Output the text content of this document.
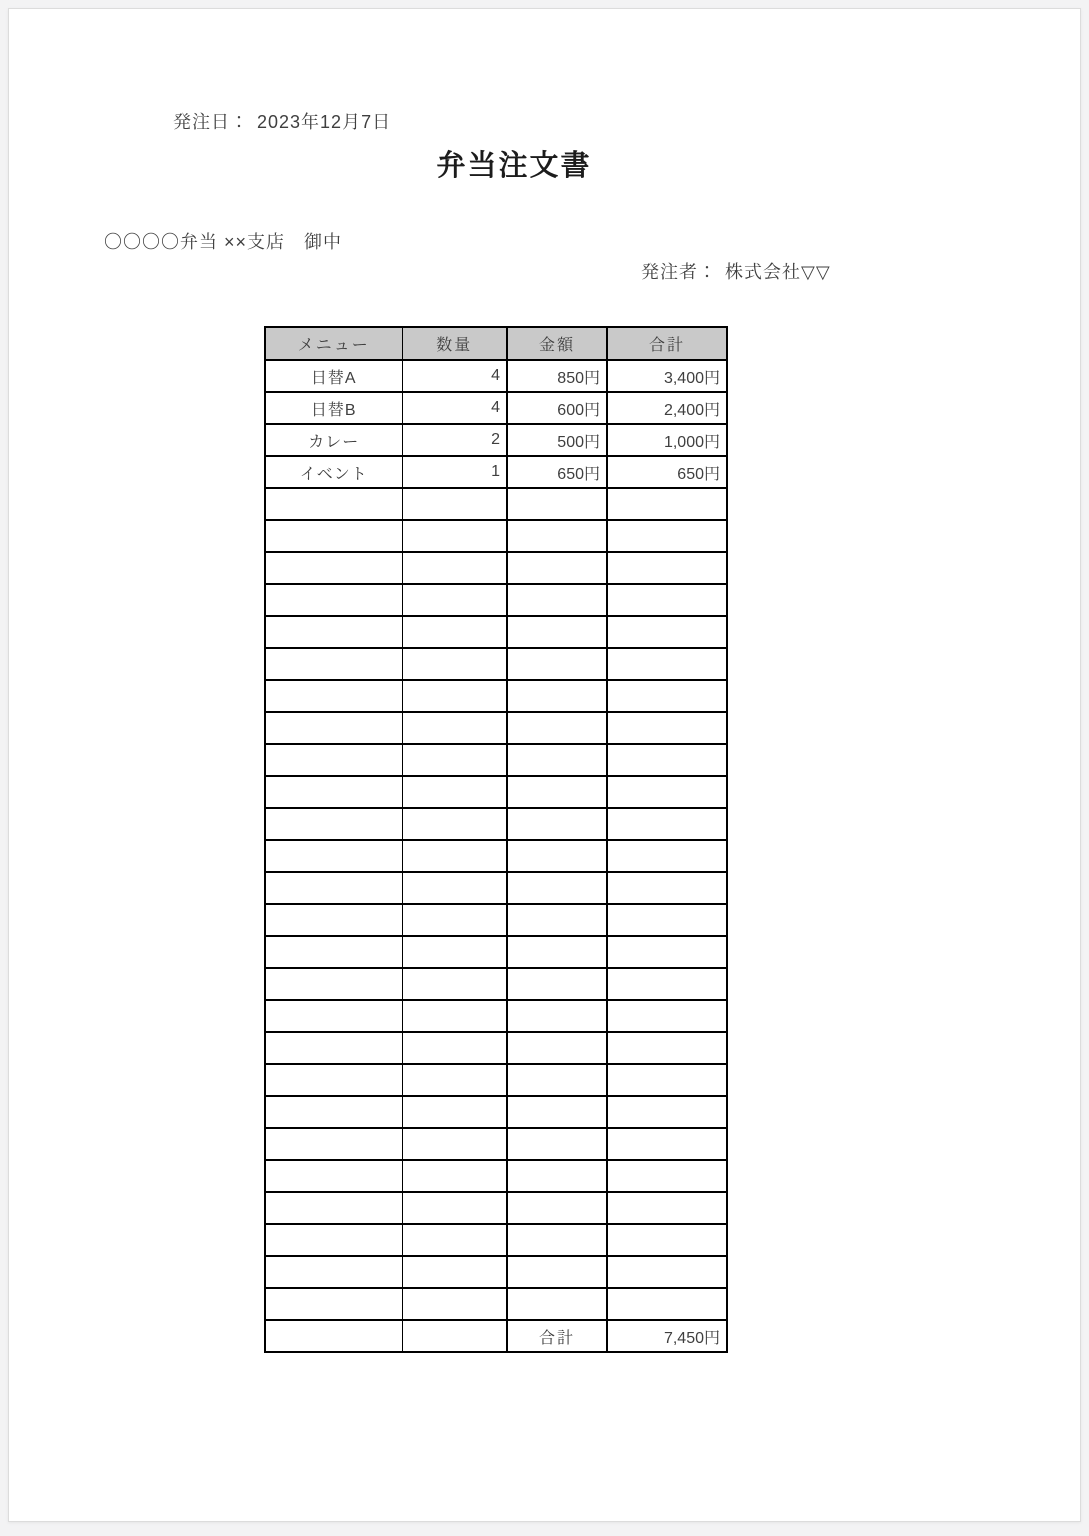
発注日： 2023年12月7日
弁当注文書
〇〇〇〇弁当 ××支店　御中
発注者： 株式会社▽▽
メニュー	数量	金額	合計
日替A	4	850円	3,400円
日替B	4	600円	2,400円
カレー	2	500円	1,000円
イベント	1	650円	650円

		合計	7,450円
